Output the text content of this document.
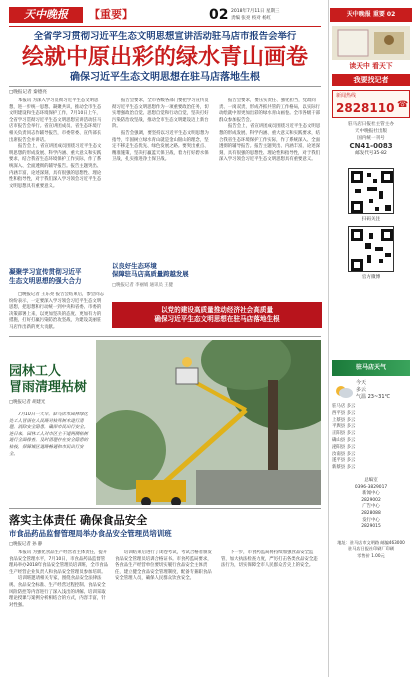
天中晚报	【重要】	02 2018年7月11日 星期三
责编 张亮 校对 杨红
全省学习贯彻习近平生态文明思想宣讲活动驻马店市报告会举行
绘就中原出彩的绿水青山画卷
确保习近平生态文明思想在驻马店落地生根
□晚报记者 秦德亮

本报讯 为深入学习贯彻习近平生态文明思想，进一步统一思想、凝聚共识，推动全市生态文明建设和生态环境保护工作，7月10日上午，全省学习贯彻习近平生态文明思想宣讲活动驻马店市报告会举行。省宣讲团成员、省生态环境厅相关负责同志作辅导报告，市委常委、宣传部长出席报告会并讲话。

报告会上，省宣讲团成员围绕习近平生态文明思想的形成发展、科学内涵、重大意义和实践要求，结合我省生态环境保护工作实际，作了系统深入、全面透彻的辅导报告。报告主题突出、内涵丰富，论述深刻，具有很强的思想性、理论性和指导性，对于我们深入学习领会习近平生态文明思想具有重要意义。

凝聚学习宣传贯彻习近平
生态文明思想的强大合力

□晚报记者 王东亮 报告会结束后，参会同志纷纷表示，一定要深入学习领会习近平生态文明思想，把思想和行动统一到中央和省委、市委的决策部署上来，以更加坚决的态度、更加有力的措施，打好打赢污染防治攻坚战，为建设美丽驻马店作出新的更大贡献。

报告会要求，全市各级各部门要把学习宣传贯彻习近平生态文明思想作为一项重要政治任务，切实增强政治自觉、思想自觉和行动自觉，坚决打好污染防治攻坚战，推动全市生态文明建设迈上新台阶。

报告会强调，要坚持以习近平生态文明思想为指导，牢固树立绿水青山就是金山银山的理念，坚定不移走生态优先、绿色发展之路。要突出重点、精准施策，坚决打赢蓝天保卫战，着力打好碧水保卫战，扎实推进净土保卫战。

报告会要求，要压实责任、强化担当，党政同责、一岗双责，形成齐抓共管的工作格局，以实际行动绘就中原更加出彩的绿水青山画卷。全市各级干部群众参加报告会。

报告会上，省宣讲团成员围绕习近平生态文明思想的形成发展、科学内涵、重大意义和实践要求，结合我省生态环境保护工作实际，作了系统深入、全面透彻的辅导报告。报告主题突出、内涵丰富，论述深刻，具有很强的思想性、理论性和指导性，对于我们深入学习领会习近平生态文明思想具有重要意义。

以良好生态环境
保障驻马店高质量跨越发展
□晚报记者 李丽娟 通讯员 王健
以党的建设高质量推动经济社会高质量
确保习近平生态文明思想在驻马店落地生根
园林工人
冒雨清理枯树
□晚报记者 胡建光
7月10日一大早，驻马店市园林绿化处工人冒雨在人民路对枯死树木进行清理，消除安全隐患，确保市民出行安全。连日来，园林工人对市区主干道两侧枯树进行全面排查，及时清理存在安全隐患的枯枝，保障城区道路畅通和市民出行安全。
落实主体责任 确保食品安全
市食品药品监督管理局举办食品安全管理员培训班
□晚报记者 孙 静

本报讯 为强化食品生产经营者主体责任，提升食品安全管理水平，7月10日，市食品药品监督管理局举办2018年食品安全管理员培训班，全市食品生产经营企业负责人和食品安全管理员参加培训。

培训班邀请相关专家，围绕食品安全法律法规、食品安全标准、生产经营过程控制、食品安全风险防控等内容进行了深入浅出的讲解。培训采取理论授课与案例分析相结合的方式，内容丰富，针对性强。

培训结束后进行了闭卷考试，考试合格者颁发食品安全管理员培训合格证书。市食药监局要求，各食品生产经营单位要切实履行食品安全主体责任，建立健全食品安全管理制度，配备专兼职食品安全管理人员，确保人民群众饮食安全。

下一步，市食药监局将持续加强食品安全监管，加大执法检查力度，严厉打击各类食品安全违法行为，切实保障全市人民群众舌尖上的安全。

天中晚报 重要 02
读天中 看天下
我要找记者
新闻热线
2828110 ☎
驻马店日报社主管主办
天中晚报社出版
国内统一刊号
CN41-0083
邮发代号35-82
扫码关注
官方微博
驻马店天气
今天
多云
气温 23~31℃
驻马店 多云
西平县 多云
上蔡县 多云
平舆县 多云
正阳县 多云
确山县 多云
泌阳县 多云
汝南县 多云
遂平县 多云
新蔡县 多云
总编室
0396-3829017
新闻中心
2829002
广告中心
2828088
发行中心
2829015
地址：驻马店市文明路 邮编463000
驻马店日报社印刷厂印刷
零售价 1.00元
